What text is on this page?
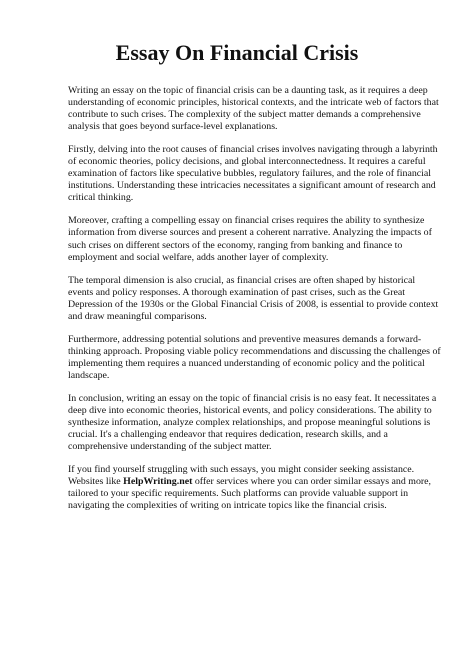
Essay On Financial Crisis

Writing an essay on the topic of financial crisis can be a daunting task, as it requires a deep understanding of economic principles, historical contexts, and the intricate web of factors that contribute to such crises. The complexity of the subject matter demands a comprehensive analysis that goes beyond surface-level explanations.

Firstly, delving into the root causes of financial crises involves navigating through a labyrinth of economic theories, policy decisions, and global interconnectedness. It requires a careful examination of factors like speculative bubbles, regulatory failures, and the role of financial institutions. Understanding these intricacies necessitates a significant amount of research and critical thinking.

Moreover, crafting a compelling essay on financial crises requires the ability to synthesize information from diverse sources and present a coherent narrative. Analyzing the impacts of such crises on different sectors of the economy, ranging from banking and finance to employment and social welfare, adds another layer of complexity.

The temporal dimension is also crucial, as financial crises are often shaped by historical events and policy responses. A thorough examination of past crises, such as the Great Depression of the 1930s or the Global Financial Crisis of 2008, is essential to provide context and draw meaningful comparisons.

Furthermore, addressing potential solutions and preventive measures demands a forward-thinking approach. Proposing viable policy recommendations and discussing the challenges of implementing them requires a nuanced understanding of economic policy and the political landscape.

In conclusion, writing an essay on the topic of financial crisis is no easy feat. It necessitates a deep dive into economic theories, historical events, and policy considerations. The ability to synthesize information, analyze complex relationships, and propose meaningful solutions is crucial. It's a challenging endeavor that requires dedication, research skills, and a comprehensive understanding of the subject matter.

If you find yourself struggling with such essays, you might consider seeking assistance. Websites like HelpWriting.net offer services where you can order similar essays and more, tailored to your specific requirements. Such platforms can provide valuable support in navigating the complexities of writing on intricate topics like the financial crisis.
